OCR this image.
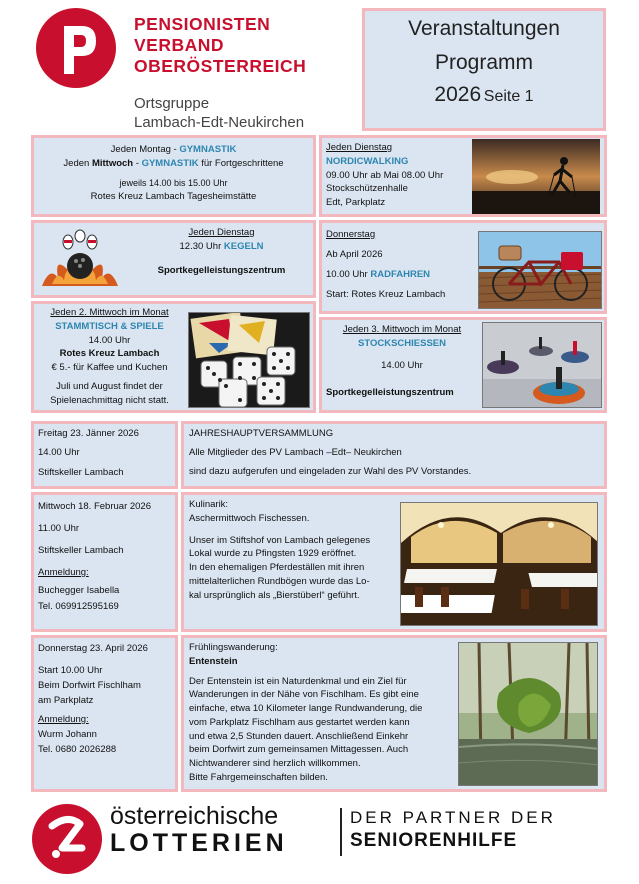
PENSIONISTEN
VERBAND
OBERÖSTERREICH
Ortsgruppe
Lambach-Edt-Neukirchen
Veranstaltungen
Programm
2026 Seite 1
Jeden Montag - GYMNASTIK
Jeden Mittwoch - GYMNASTIK für Fortgeschrittene
jeweils 14.00 bis 15.00 Uhr
Rotes Kreuz Lambach Tagesheimstätte
Jeden Dienstag
NORDICWALKING
09.00 Uhr ab Mai 08.00 Uhr
Stockschützenhalle
Edt, Parkplatz
Jeden Dienstag
12.30 Uhr KEGELN
Sportkegelleistungszentrum
Donnerstag
Ab April 2026
10.00 Uhr RADFAHREN
Start: Rotes Kreuz Lambach
Jeden 2. Mittwoch im Monat
STAMMTISCH & SPIELE
14.00 Uhr
Rotes Kreuz Lambach
€ 5.- für Kaffee und Kuchen
Juli und August findet der
Spielenachmittag nicht statt.
Jeden 3. Mittwoch im Monat
STOCKSCHIESSEN
14.00 Uhr
Sportkegelleistungszentrum
Freitag 23. Jänner 2026
14.00 Uhr
Stiftskeller Lambach
JAHRESHAUPTVERSAMMLUNG
Alle Mitglieder des PV Lambach –Edt– Neukirchen
sind dazu aufgerufen und eingeladen zur Wahl des PV Vorstandes.
Mittwoch 18. Februar 2026
11.00 Uhr
Stiftskeller Lambach
Anmeldung:
Buchegger Isabella
Tel. 069912595169
Kulinarik:
Aschermittwoch Fischessen.
Unser im Stiftshof von Lambach gelegenes
Lokal wurde zu Pfingsten 1929 eröffnet.
In den ehemaligen Pferdeställen mit ihren
mittelalterlichen Rundbögen wurde das Lo-
kal ursprünglich als „Bierstüberl“ geführt.
Donnerstag 23. April 2026
Start 10.00 Uhr
Beim Dorfwirt Fischlham
am Parkplatz
Anmeldung:
Wurm Johann
Tel. 0680 2026288
Frühlingswanderung:
Entenstein
Der Entenstein ist ein Naturdenkmal und ein Ziel für
Wanderungen in der Nähe von Fischlham. Es gibt eine
einfache, etwa 10 Kilometer lange Rundwanderung, die
vom Parkplatz Fischlham aus gestartet werden kann
und etwa 2,5 Stunden dauert. Anschließend Einkehr
beim Dorfwirt zum gemeinsamen Mittagessen. Auch
Nichtwanderer sind herzlich willkommen.
Bitte Fahrgemeinschaften bilden.
österreichische
LOTTERIEN
DER PARTNER DER
SENIORENHILFE
